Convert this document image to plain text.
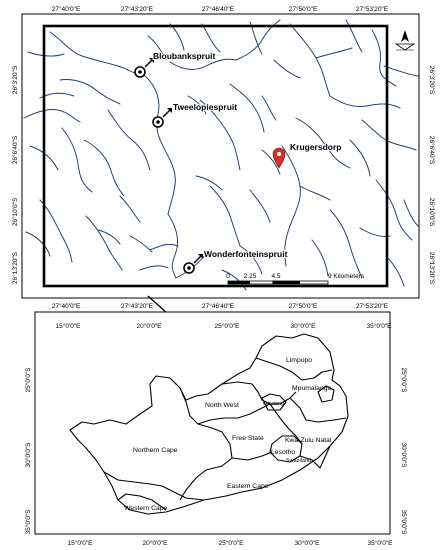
27°40'0"E	27°43'20"E	27°46'40"E	27°50'0"E	27°53'20"E
27°40'0"E	27°43'20"E	27°46'40"E	27°50'0"E	27°53'20"E
26°3'20"S
26°6'40"S
26°10'0"S
26°13'20"S
26°3'20"S
26°6'40"S
26°10'0"S
26°13'20"S
Bloubankspruit
Tweelopiespruit
Wonderfonteinspruit
Krugersdorp
0 2.25 4.5	9 Kilometers
15°0'0"E	20°0'0"E	25°0'0"E	30°0'0"E	35°0'0"E
15°0'0"E	20°0'0"E	25°0'0"E	30°0'0"E	35°0'0"E
25°0'0"S
30°0'0"S
35°0'0"S
25°0'0"S
30°0'0"S
35°0'0"S
Limpopo
Mpumalanga
North West	Gauteng
Free State	Kwa-Zulu Natal
Lesotho
Northern Cape
Eastern Cape
Western Cape
Swaziland
